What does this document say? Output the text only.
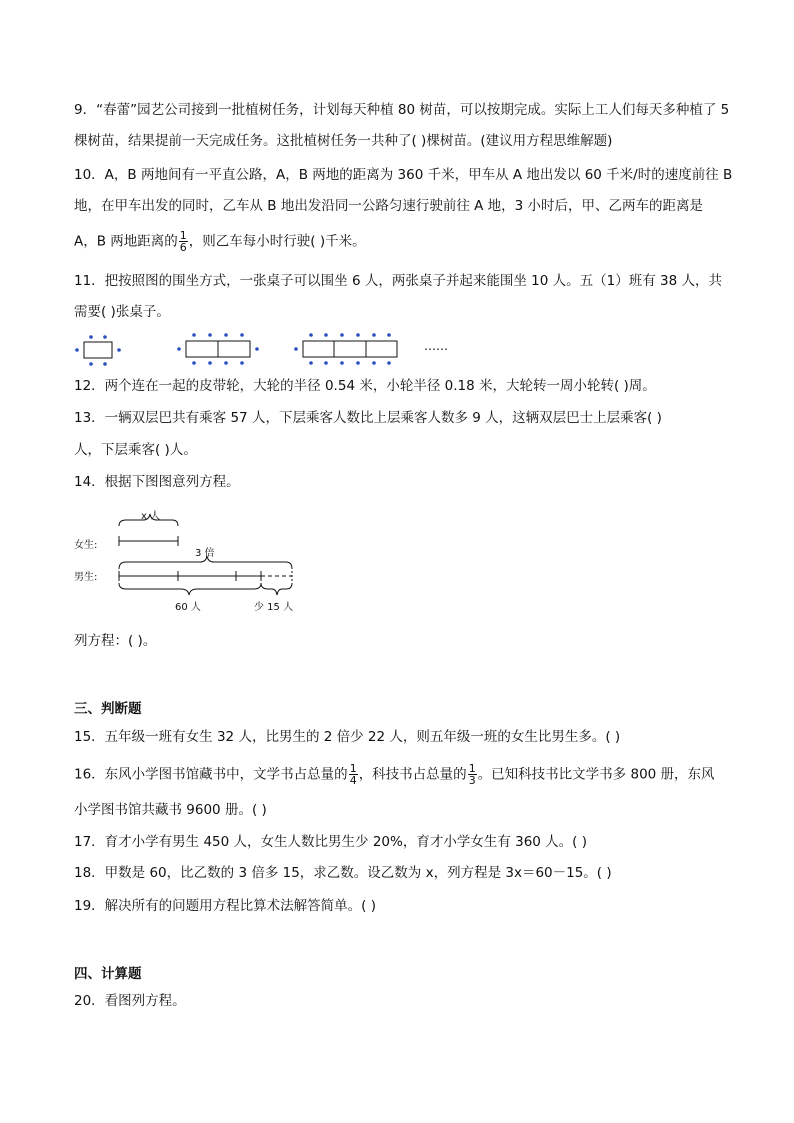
9．“春蕾”园艺公司接到一批植树任务，计划每天种植 80 树苗，可以按期完成。实际上工人们每天多种植了 5
棵树苗，结果提前一天完成任务。这批植树任务一共种了( )棵树苗。(建议用方程思维解题)
10．A，B 两地间有一平直公路，A，B 两地的距离为 360 千米，甲车从 A 地出发以 60 千米/时的速度前往 B
地，在甲车出发的同时，乙车从 B 地出发沿同一公路匀速行驶前往 A 地，3 小时后，甲、乙两车的距离是
A，B 两地距离的 $\frac{1}{6}$ ，则乙车每小时行驶( )千米。
11．把按照图的围坐方式，一张桌子可以围坐 6 人，两张桌子并起来能围坐 10 人。五（1）班有 38 人，共
需要( )张桌子。
……
x 人
女生:
3 倍
男生:
60 人	少 15 人
12．两个连在一起的皮带轮，大轮的半径 0.54 米，小轮半径 0.18 米，大轮转一周小轮转( )周。
13．一辆双层巴共有乘客 57 人，下层乘客人数比上层乘客人数多 9 人，这辆双层巴士上层乘客( )
人，下层乘客( )人。
14．根据下图图意列方程。
列方程：( )。
三、判断题
15．五年级一班有女生 32 人，比男生的 2 倍少 22 人，则五年级一班的女生比男生多。( )
16．东风小学图书馆藏书中，文学书占总量的 $\frac{1}{4}$ ，科技书占总量的 $\frac{1}{3}$ 。已知科技书比文学书多 800 册，东风
小学图书馆共藏书 9600 册。( )
17．育才小学有男生 450 人，女生人数比男生少 20%，育才小学女生有 360 人。( )
18．甲数是 60，比乙数的 3 倍多 15，求乙数。设乙数为 x，列方程是 3x＝60－15。( )
19．解决所有的问题用方程比算术法解答简单。( )
四、计算题
20．看图列方程。
